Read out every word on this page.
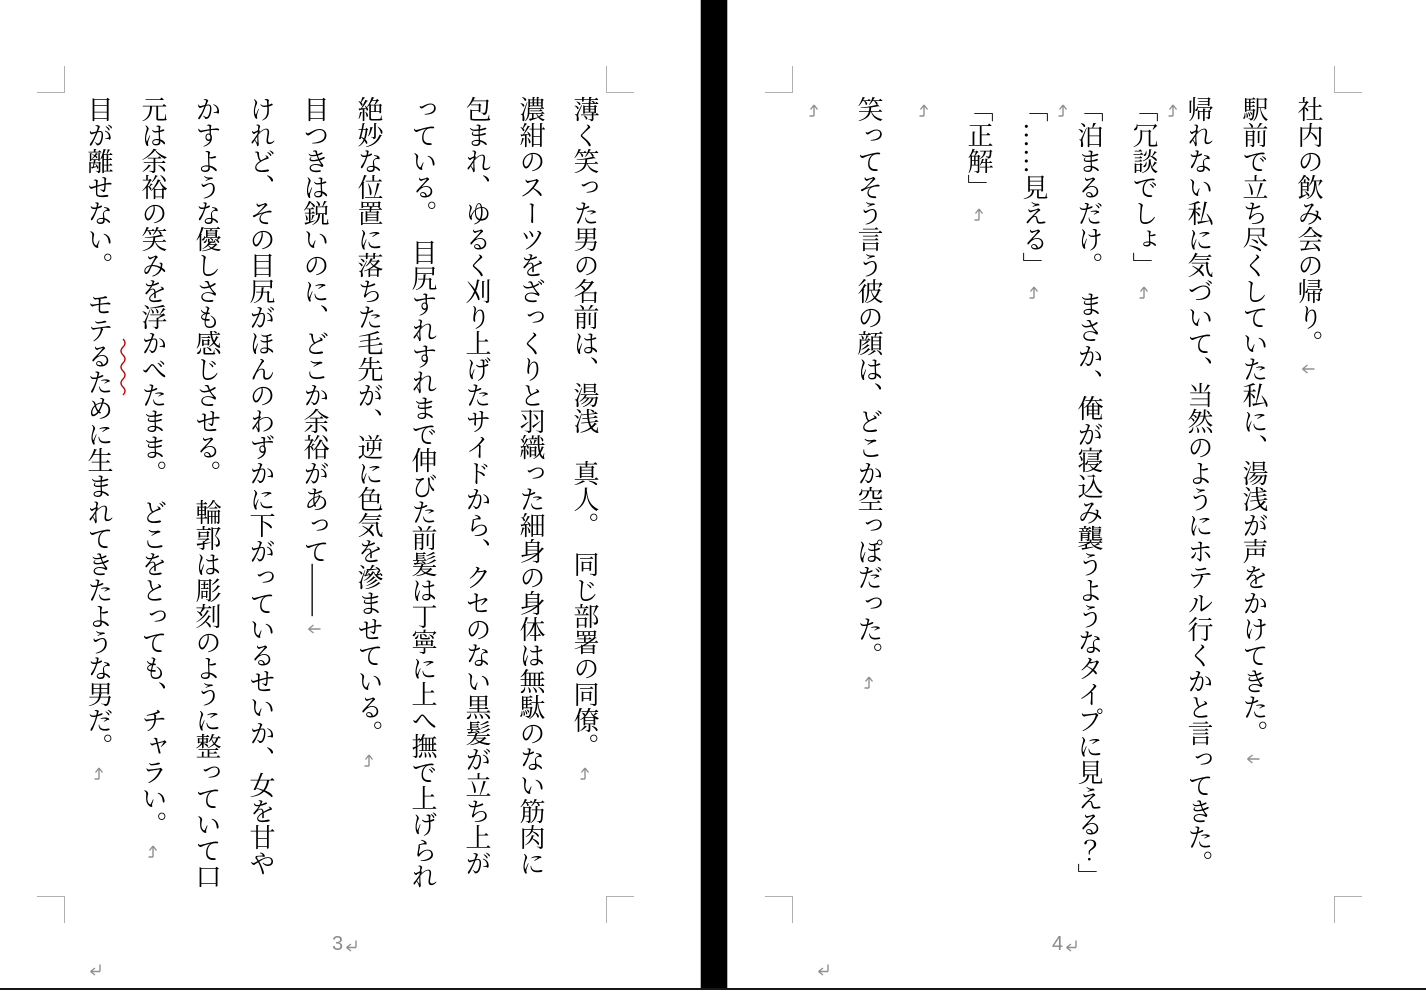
薄く笑った男の名前は、湯浅　真人。　同じ部署の同僚。
濃紺のスーツをざっくりと羽織った細身の身体は無駄のない筋肉に
包まれ、ゆるく刈り上げたサイドから、クセのない黒髪が立ち上が
っている。　目尻すれすれまで伸びた前髪は丁寧に上へ撫で上げられ
絶妙な位置に落ちた毛先が、逆に色気を滲ませている。
目つきは鋭いのに、どこか余裕があって――
けれど、その目尻がほんのわずかに下がっているせいか、女を甘や
かすような優しさも感じさせる。　輪郭は彫刻のように整っていて口
元は余裕の笑みを浮かべたまま。　どこをとっても、チャラい。
目が離せない。　モテるために生まれてきたような男だ。
3
社内の飲み会の帰り。
駅前で立ち尽くしていた私に、湯浅が声をかけてきた。
帰れない私に気づいて、当然のようにホテル行くかと言ってきた。
「冗談でしょ」
「泊まるだけ。　まさか、俺が寝込み襲うようなタイプに見える？」
「……見える」
「正解」
笑ってそう言う彼の顔は、どこか空っぽだった。
4
